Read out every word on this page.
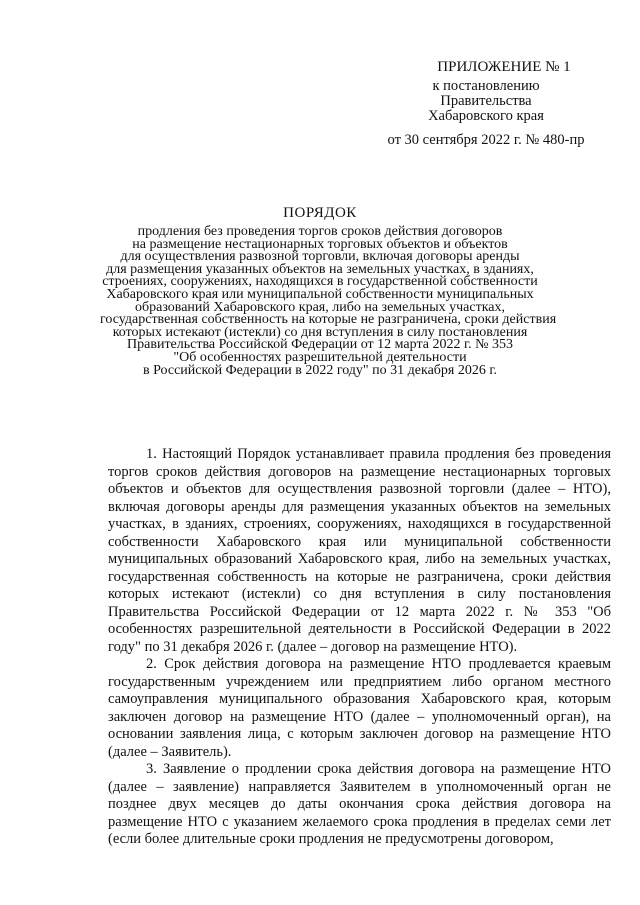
ПРИЛОЖЕНИЕ № 1
к постановлению
Правительства
Хабаровского края
от 30 сентября 2022 г. № 480-пр
ПОРЯДОК
продления без проведения торгов сроков действия договоров
на размещение нестационарных торговых объектов и объектов
для осуществления развозной торговли, включая договоры аренды
для размещения указанных объектов на земельных участках, в зданиях,
строениях, сооружениях, находящихся в государственной собственности
Хабаровского края или муниципальной собственности муниципальных
образований Хабаровского края, либо на земельных участках,
государственная собственность на которые не разграничена, сроки действия
которых истекают (истекли) со дня вступления в силу постановления
Правительства Российской Федерации от 12 марта 2022 г. № 353
"Об особенностях разрешительной деятельности
в Российской Федерации в 2022 году" по 31 декабря 2026 г.

1. Настоящий Порядок устанавливает правила продления без проведения торгов сроков действия договоров на размещение нестационарных торговых объектов и объектов для осуществления развозной торговли (далее – НТО), включая договоры аренды для размещения указанных объектов на земельных участках, в зданиях, строениях, сооружениях, находящихся в государственной собственности Хабаровского края или муниципальной собственности муниципальных образований Хабаровского края, либо на земельных участках, государственная собственность на которые не разграничена, сроки действия которых истекают (истекли) со дня вступления в силу постановления Правительства Российской Федерации от 12 марта 2022 г. № 353 "Об особенностях разрешительной деятельности в Российской Федерации в 2022 году" по 31 декабря 2026 г. (далее – договор на размещение НТО).

2. Срок действия договора на размещение НТО продлевается краевым государственным учреждением или предприятием либо органом местного самоуправления муниципального образования Хабаровского края, которым заключен договор на размещение НТО (далее – уполномоченный орган), на основании заявления лица, с которым заключен договор на размещение НТО (далее – Заявитель).

3. Заявление о продлении срока действия договора на размещение НТО (далее – заявление) направляется Заявителем в уполномоченный орган не позднее двух месяцев до даты окончания срока действия договора на размещение НТО с указанием желаемого срока продления в пределах семи лет (если более длительные сроки продления не предусмотрены договором,
